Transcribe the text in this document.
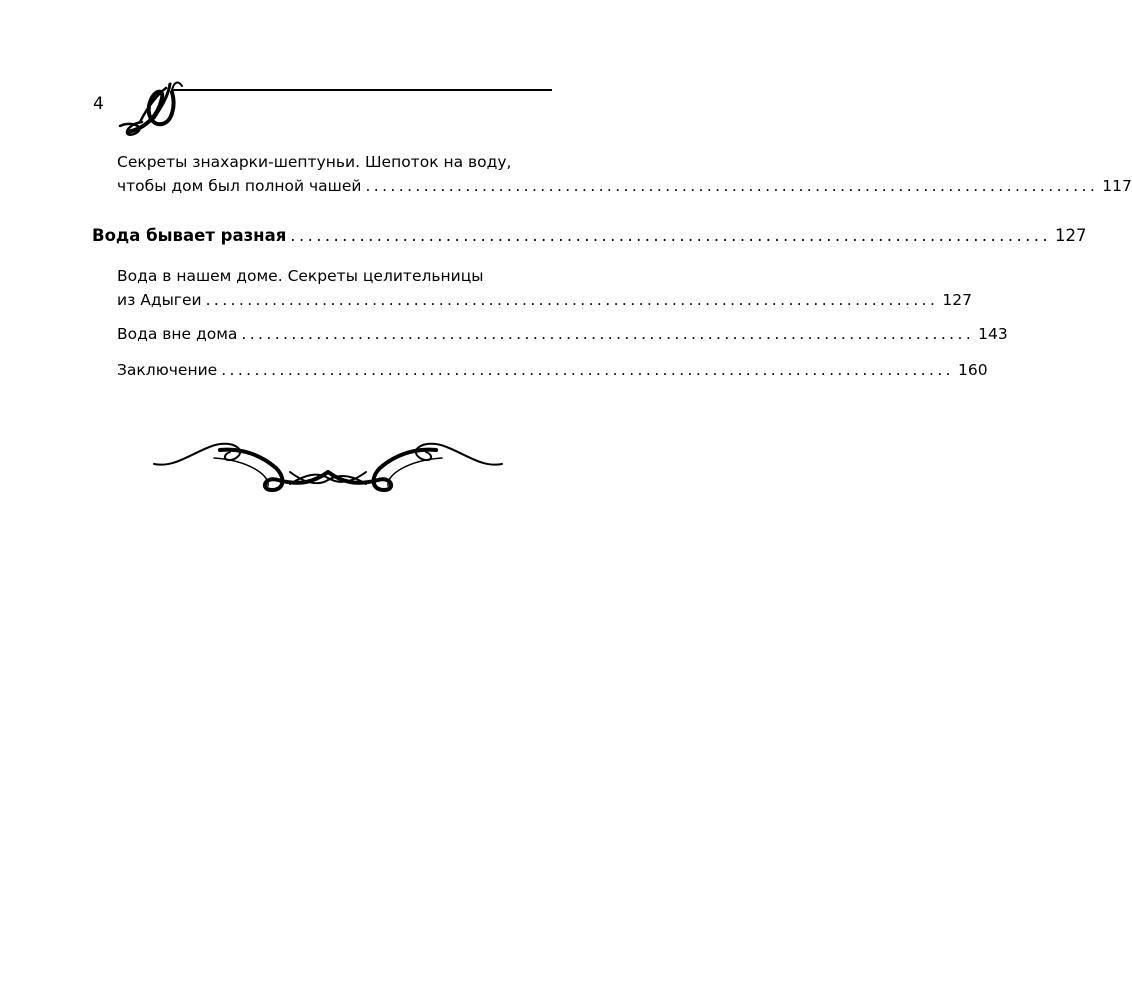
4
Секреты знахарки-шептуньи. Шепоток на воду,
чтобы дом был полной чашей ........................................................................................ 117
Вода бывает разная ........................................................................................ 127
Вода в нашем доме. Секреты целительницы
из Адыгеи ........................................................................................ 127
Вода вне дома ........................................................................................ 143
Заключение ........................................................................................ 160
